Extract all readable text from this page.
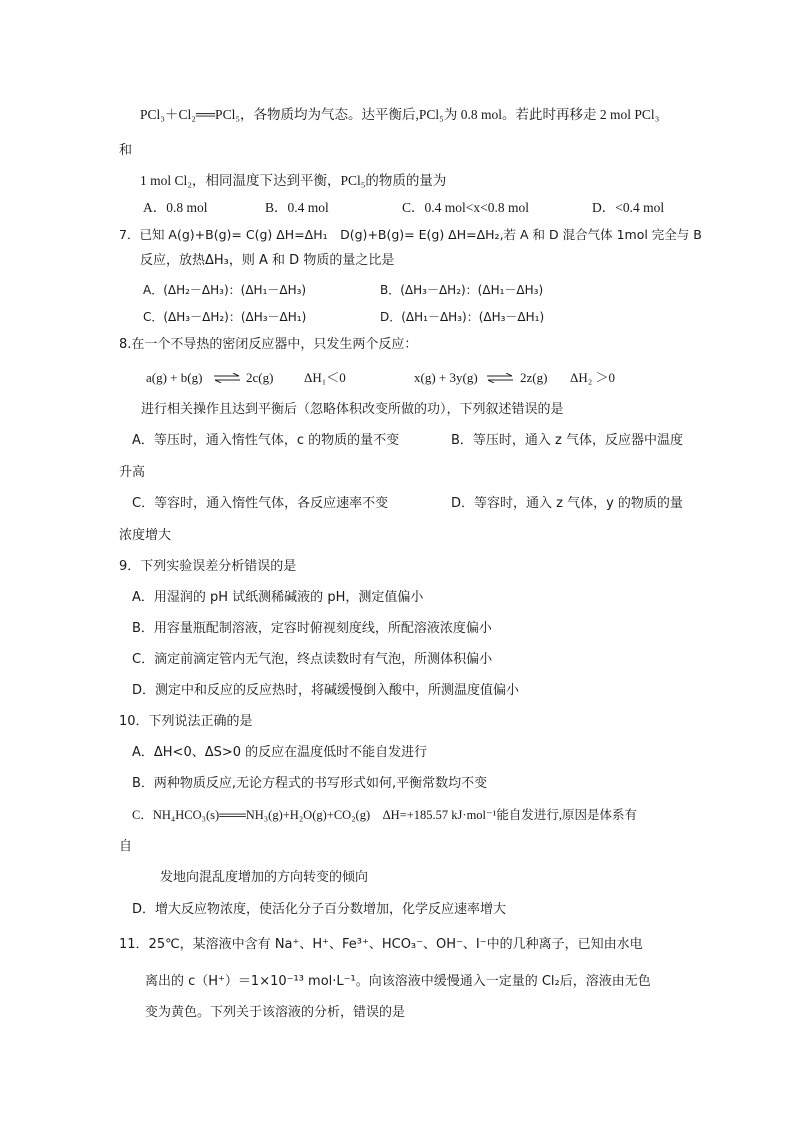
PCl₃＋Cl₂══PCl₅，各物质均为气态。达平衡后,PCl₅为 0.8 mol。若此时再移走 2 mol PCl₃
和
1 mol Cl₂，相同温度下达到平衡，PCl₅的物质的量为
A．0.8 mol	B．0.4 mol	C．0.4 mol<x<0.8 mol	D．<0.4 mol
7．已知 A(g)+B(g)= C(g) ΔH=ΔH₁　D(g)+B(g)= E(g) ΔH=ΔH₂,若 A 和 D 混合气体 1mol 完全与 B
反应，放热ΔH₃，则 A 和 D 物质的量之比是
A．(ΔH₂－ΔH₃)：(ΔH₁－ΔH₃)	B．(ΔH₃－ΔH₂)：(ΔH₁－ΔH₃)
C．(ΔH₃－ΔH₂)：(ΔH₃－ΔH₁)	D．(ΔH₁－ΔH₃)：(ΔH₃－ΔH₁)
8.在一个不导热的密闭反应器中，只发生两个反应：
a(g) + b(g) ⇌ 2c(g) ΔH₁＜0	x(g) + 3y(g) ⇌ 2z(g) ΔH₂ ＞0
进行相关操作且达到平衡后（忽略体积改变所做的功），下列叙述错误的是
A．等压时，通入惰性气体，c 的物质的量不变	B．等压时，通入 z 气体，反应器中温度
升高
C．等容时，通入惰性气体，各反应速率不变	D．等容时，通入 z 气体，y 的物质的量
浓度增大
9．下列实验误差分析错误的是
A．用湿润的 pH 试纸测稀碱液的 pH，测定值偏小
B．用容量瓶配制溶液，定容时俯视刻度线，所配溶液浓度偏小
C．滴定前滴定管内无气泡，终点读数时有气泡，所测体积偏小
D．测定中和反应的反应热时，将碱缓慢倒入酸中，所测温度值偏小
10．下列说法正确的是
A．ΔH<0、ΔS>0 的反应在温度低时不能自发进行
B．两种物质反应,无论方程式的书写形式如何,平衡常数均不变
C．NH₄HCO₃(s)═══NH₃(g)+H₂O(g)+CO₂(g)　ΔH=+185.57 kJ·mol⁻¹能自发进行,原因是体系有
自
发地向混乱度增加的方向转变的倾向
D．增大反应物浓度，使活化分子百分数增加，化学反应速率增大
11．25℃，某溶液中含有 Na⁺、H⁺、Fe³⁺、HCO₃⁻、OH⁻、I⁻中的几种离子，已知由水电
离出的 c（H⁺）＝1×10⁻¹³ mol·L⁻¹。向该溶液中缓慢通入一定量的 Cl₂后，溶液由无色
变为黄色。下列关于该溶液的分析，错误的是
